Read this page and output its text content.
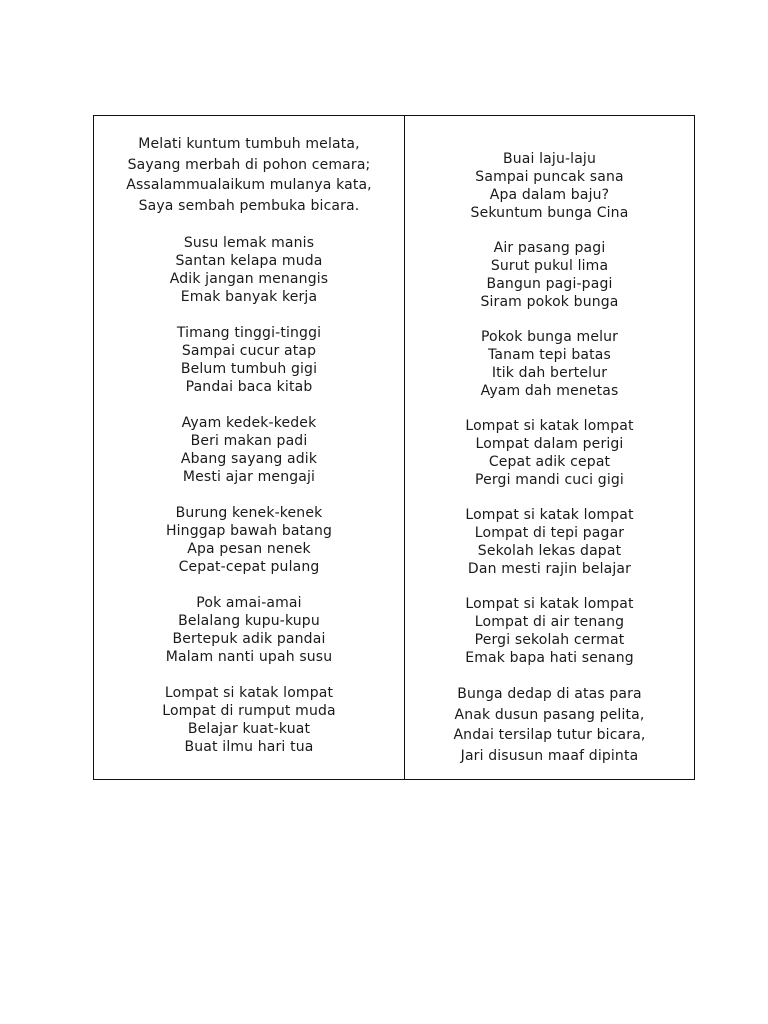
Melati kuntum tumbuh melata,
Sayang merbah di pohon cemara;
Assalammualaikum mulanya kata,
Saya sembah pembuka bicara.
Susu lemak manis
Santan kelapa muda
Adik jangan menangis
Emak banyak kerja
Timang tinggi-tinggi
Sampai cucur atap
Belum tumbuh gigi
Pandai baca kitab
Ayam kedek-kedek
Beri makan padi
Abang sayang adik
Mesti ajar mengaji
Burung kenek-kenek
Hinggap bawah batang
Apa pesan nenek
Cepat-cepat pulang
Pok amai-amai
Belalang kupu-kupu
Bertepuk adik pandai
Malam nanti upah susu
Lompat si katak lompat
Lompat di rumput muda
Belajar kuat-kuat
Buat ilmu hari tua
Buai laju-laju
Sampai puncak sana
Apa dalam baju?
Sekuntum bunga Cina
Air pasang pagi
Surut pukul lima
Bangun pagi-pagi
Siram pokok bunga
Pokok bunga melur
Tanam tepi batas
Itik dah bertelur
Ayam dah menetas
Lompat si katak lompat
Lompat dalam perigi
Cepat adik cepat
Pergi mandi cuci gigi
Lompat si katak lompat
Lompat di tepi pagar
Sekolah lekas dapat
Dan mesti rajin belajar
Lompat si katak lompat
Lompat di air tenang
Pergi sekolah cermat
Emak bapa hati senang
Bunga dedap di atas para
Anak dusun pasang pelita,
Andai tersilap tutur bicara,
Jari disusun maaf dipinta
